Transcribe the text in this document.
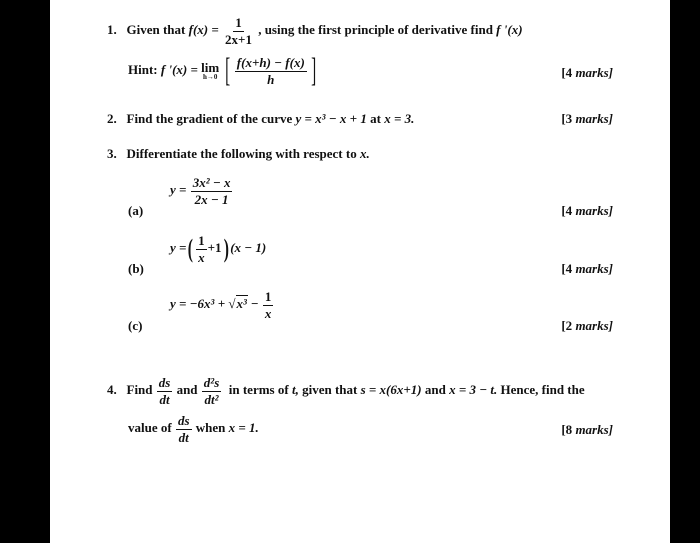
1. Given that $f(x) = \frac{1}{2x+1}$ , using the first principle of derivative find f '(x)
Hint: f '(x) = lim
h→0 [ $\frac{f(x+h) - f(x)}{h}$ ]	[4 marks]
2. Find the gradient of the curve y = x³ − x + 1 at x = 3.	[3 marks]
3. Differentiate the following with respect to x.
$y = \frac{\text{3x² − x}}{2x - 1}$
(a)	[4 marks]
y =( $\frac{1}{x} +1$) (x − 1)
(b)	[4 marks]
$y = -6x^3 + √x^3 - \frac{1}{x}$
(c)	[2 marks]
4. Find $\frac{ds}{dt}$ and $\frac{\text{d²s}}{\text{dt²}}$ in terms of t, given that s = x(6x+1) and x = 3 − t. Hence, find the
value of $\frac{ds}{dt}$ when x = 1.	[8 marks]
